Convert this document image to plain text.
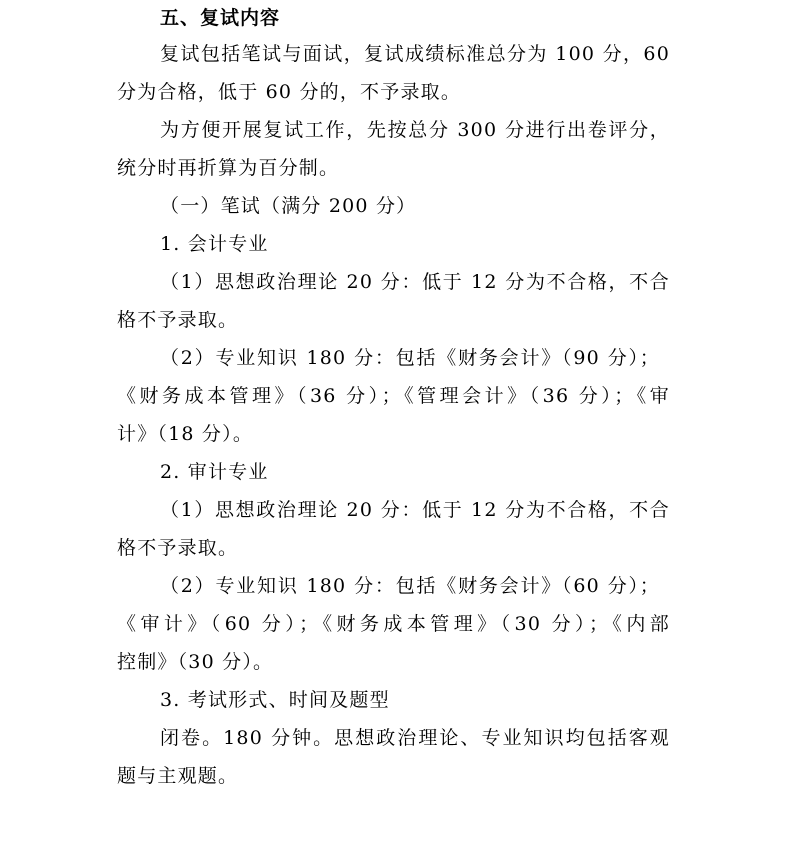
五、复试内容
复试包括笔试与面试，复试成绩标准总分为 100 分，60
分为合格，低于 60 分的，不予录取。
为方便开展复试工作，先按总分 300 分进行出卷评分，
统分时再折算为百分制。
（一）笔试（满分 200 分）
1. 会计专业
（1）思想政治理论 20 分：低于 12 分为不合格，不合
格不予录取。
（2）专业知识 180 分：包括《财务会计》（90 分）；
《财务成本管理》（36 分）；《管理会计》（36 分）；《审
计》（18 分）。
2. 审计专业
（1）思想政治理论 20 分：低于 12 分为不合格，不合
格不予录取。
（2）专业知识 180 分：包括《财务会计》（60 分）；
《审计》（60 分）；《财务成本管理》（30 分）；《内部
控制》（30 分）。
3. 考试形式、时间及题型
闭卷。180 分钟。思想政治理论、专业知识均包括客观
题与主观题。
